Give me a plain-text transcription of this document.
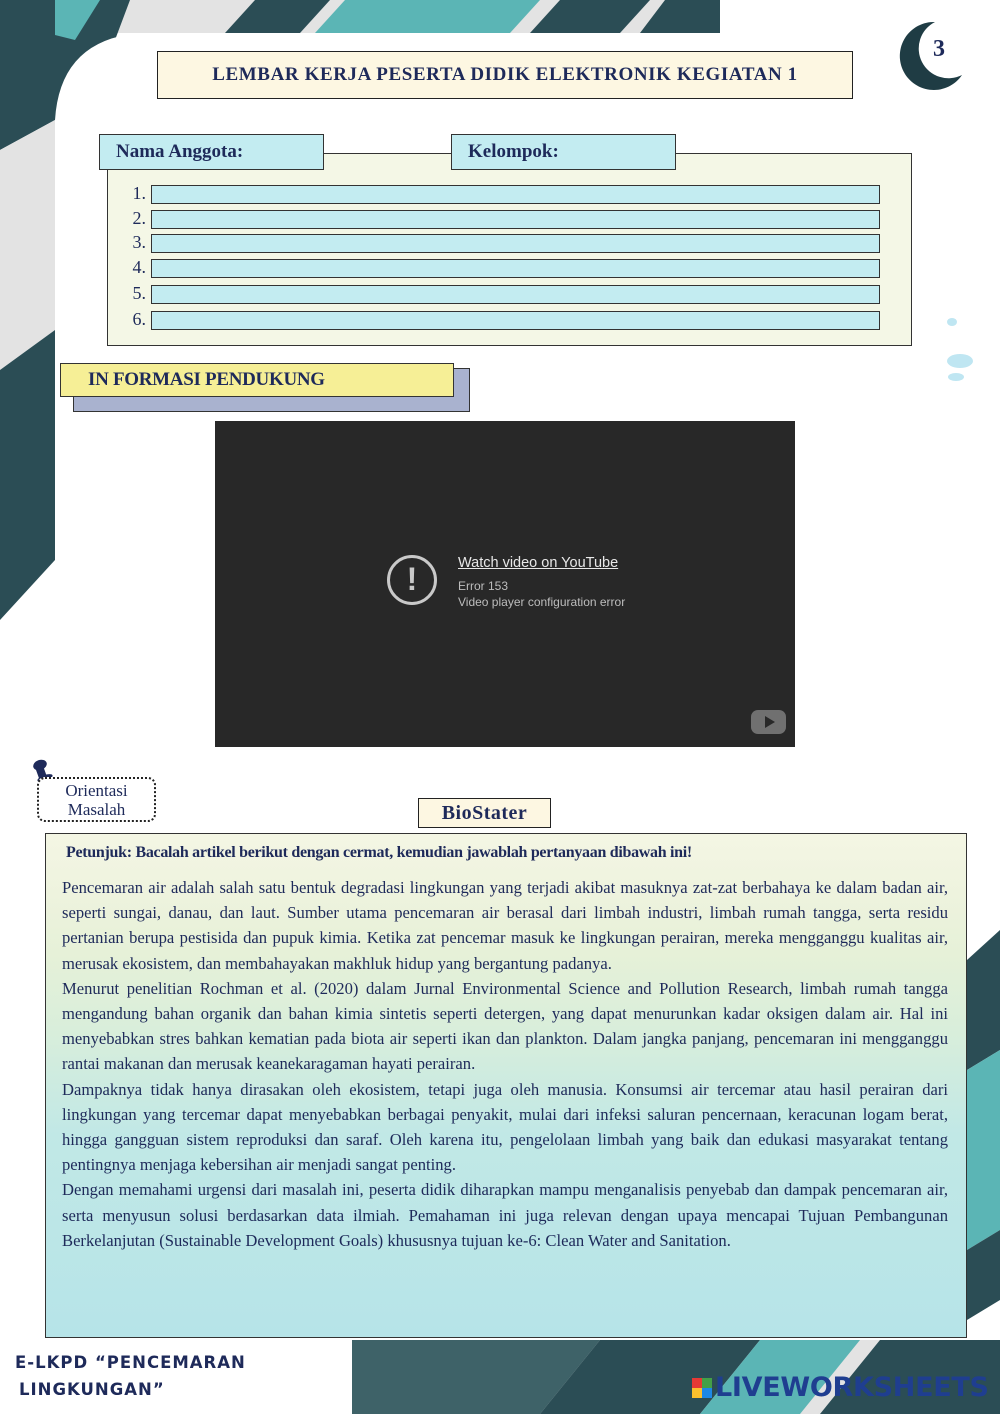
LEMBAR KERJA PESERTA DIDIK ELEKTRONIK KEGIATAN 1
3
Nama Anggota:	Kelompok:
1.
2.
3.
4.
5.
6.
IN FORMASI PENDUKUNG
!	Watch video on YouTube
Error 153
Video player configuration error
Orientasi
Masalah	BioStater
Petunjuk: Bacalah artikel berikut dengan cermat, kemudian jawablah pertanyaan dibawah ini!

Pencemaran air adalah salah satu bentuk degradasi lingkungan yang terjadi akibat masuknya zat-zat berbahaya ke dalam badan air, seperti sungai, danau, dan laut. Sumber utama pencemaran air berasal dari limbah industri, limbah rumah tangga, serta residu pertanian berupa pestisida dan pupuk kimia. Ketika zat pencemar masuk ke lingkungan perairan, mereka mengganggu kualitas air, merusak ekosistem, dan membahayakan makhluk hidup yang bergantung padanya.

Menurut penelitian Rochman et al. (2020) dalam Jurnal Environmental Science and Pollution Research, limbah rumah tangga mengandung bahan organik dan bahan kimia sintetis seperti detergen, yang dapat menurunkan kadar oksigen dalam air. Hal ini menyebabkan stres bahkan kematian pada biota air seperti ikan dan plankton. Dalam jangka panjang, pencemaran ini mengganggu rantai makanan dan merusak keanekaragaman hayati perairan.

Dampaknya tidak hanya dirasakan oleh ekosistem, tetapi juga oleh manusia. Konsumsi air tercemar atau hasil perairan dari lingkungan yang tercemar dapat menyebabkan berbagai penyakit, mulai dari infeksi saluran pencernaan, keracunan logam berat, hingga gangguan sistem reproduksi dan saraf. Oleh karena itu, pengelolaan limbah yang baik dan edukasi masyarakat tentang pentingnya menjaga kebersihan air menjadi sangat penting.

Dengan memahami urgensi dari masalah ini, peserta didik diharapkan mampu menganalisis penyebab dan dampak pencemaran air, serta menyusun solusi berdasarkan data ilmiah. Pemahaman ini juga relevan dengan upaya mencapai Tujuan Pembangunan Berkelanjutan (Sustainable Development Goals) khususnya tujuan ke-6: Clean Water and Sanitation.

E-LKPD “PENCEMARAN
LINGKUNGAN”	LIVEWORKSHEETS
